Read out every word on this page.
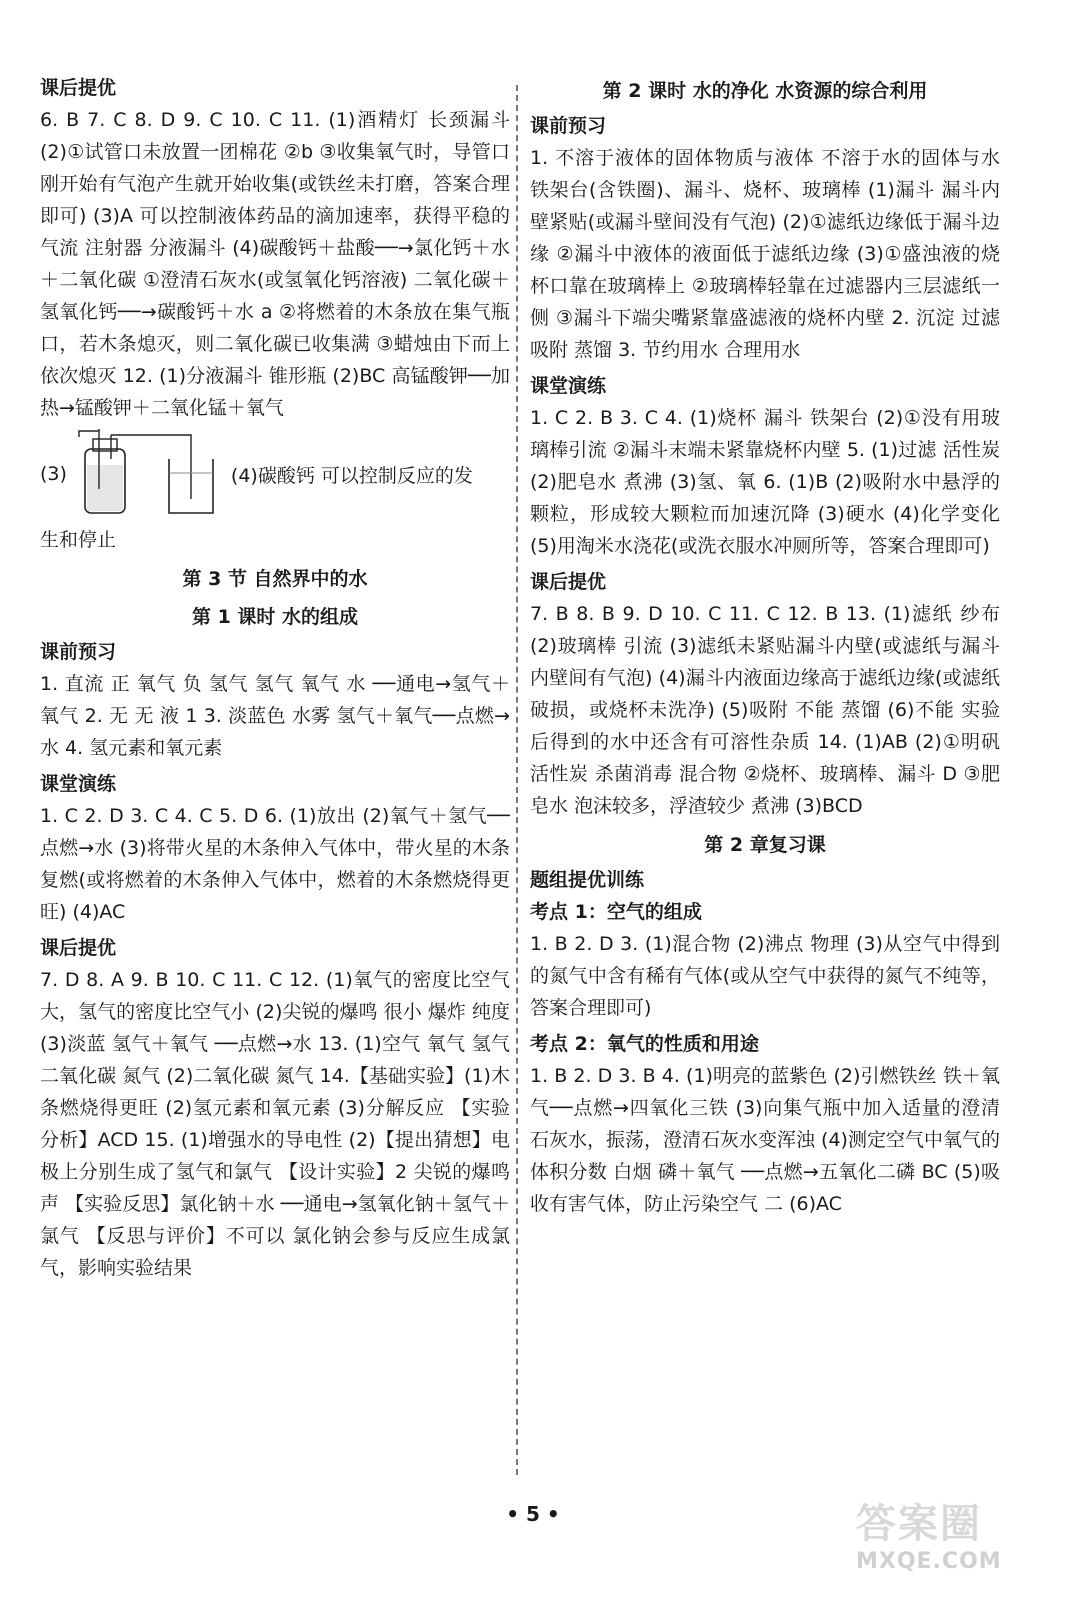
课后提优

6. B 7. C 8. D 9. C 10. C 11. (1)酒精灯 长颈漏斗 (2)①试管口未放置一团棉花 ②b ③收集氧气时，导管口刚开始有气泡产生就开始收集(或铁丝未打磨，答案合理即可) (3)A 可以控制液体药品的滴加速率，获得平稳的气流 注射器 分液漏斗 (4)碳酸钙＋盐酸──→氯化钙＋水＋二氧化碳 ①澄清石灰水(或氢氧化钙溶液) 二氧化碳＋氢氧化钙──→碳酸钙＋水 a ②将燃着的木条放在集气瓶口，若木条熄灭，则二氧化碳已收集满 ③蜡烛由下而上依次熄灭 12. (1)分液漏斗 锥形瓶 (2)BC 高锰酸钾──加热→锰酸钾＋二氧化锰＋氧气

(3)	(4)碳酸钙 可以控制反应的发

生和停止

第 3 节 自然界中的水
第 1 课时 水的组成
课前预习

1. 直流 正 氧气 负 氢气 氢气 氧气 水 ──通电→氢气＋氧气 2. 无 无 液 1 3. 淡蓝色 水雾 氢气＋氧气──点燃→水 4. 氢元素和氧元素

课堂演练

1. C 2. D 3. C 4. C 5. D 6. (1)放出 (2)氧气＋氢气──点燃→水 (3)将带火星的木条伸入气体中，带火星的木条复燃(或将燃着的木条伸入气体中，燃着的木条燃烧得更旺) (4)AC

课后提优

7. D 8. A 9. B 10. C 11. C 12. (1)氧气的密度比空气大，氢气的密度比空气小 (2)尖锐的爆鸣 很小 爆炸 纯度 (3)淡蓝 氢气＋氧气 ──点燃→水 13. (1)空气 氧气 氢气 二氧化碳 氮气 (2)二氧化碳 氮气 14.【基础实验】(1)木条燃烧得更旺 (2)氢元素和氧元素 (3)分解反应 【实验分析】ACD 15. (1)增强水的导电性 (2)【提出猜想】电极上分别生成了氢气和氯气 【设计实验】2 尖锐的爆鸣声 【实验反思】氯化钠＋水 ──通电→氢氧化钠＋氢气＋氯气 【反思与评价】不可以 氯化钠会参与反应生成氯气，影响实验结果

第 2 课时 水的净化 水资源的综合利用
课前预习

1. 不溶于液体的固体物质与液体 不溶于水的固体与水 铁架台(含铁圈)、漏斗、烧杯、玻璃棒 (1)漏斗 漏斗内壁紧贴(或漏斗壁间没有气泡) (2)①滤纸边缘低于漏斗边缘 ②漏斗中液体的液面低于滤纸边缘 (3)①盛浊液的烧杯口靠在玻璃棒上 ②玻璃棒轻靠在过滤器内三层滤纸一侧 ③漏斗下端尖嘴紧靠盛滤液的烧杯内壁 2. 沉淀 过滤 吸附 蒸馏 3. 节约用水 合理用水

课堂演练

1. C 2. B 3. C 4. (1)烧杯 漏斗 铁架台 (2)①没有用玻璃棒引流 ②漏斗末端未紧靠烧杯内壁 5. (1)过滤 活性炭 (2)肥皂水 煮沸 (3)氢、氧 6. (1)B (2)吸附水中悬浮的颗粒，形成较大颗粒而加速沉降 (3)硬水 (4)化学变化 (5)用淘米水浇花(或洗衣服水冲厕所等，答案合理即可)

课后提优

7. B 8. B 9. D 10. C 11. C 12. B 13. (1)滤纸 纱布 (2)玻璃棒 引流 (3)滤纸未紧贴漏斗内壁(或滤纸与漏斗内壁间有气泡) (4)漏斗内液面边缘高于滤纸边缘(或滤纸破损，或烧杯未洗净) (5)吸附 不能 蒸馏 (6)不能 实验后得到的水中还含有可溶性杂质 14. (1)AB (2)①明矾 活性炭 杀菌消毒 混合物 ②烧杯、玻璃棒、漏斗 D ③肥皂水 泡沫较多，浮渣较少 煮沸 (3)BCD

第 2 章复习课
题组提优训练
考点 1：空气的组成

1. B 2. D 3. (1)混合物 (2)沸点 物理 (3)从空气中得到的氮气中含有稀有气体(或从空气中获得的氮气不纯等，答案合理即可)

考点 2：氧气的性质和用途

1. B 2. D 3. B 4. (1)明亮的蓝紫色 (2)引燃铁丝 铁＋氧气──点燃→四氧化三铁 (3)向集气瓶中加入适量的澄清石灰水，振荡，澄清石灰水变浑浊 (4)测定空气中氧气的体积分数 白烟 磷＋氧气 ──点燃→五氧化二磷 BC (5)吸收有害气体，防止污染空气 二 (6)AC

• 5 •	答案圈
MXQE.COM
